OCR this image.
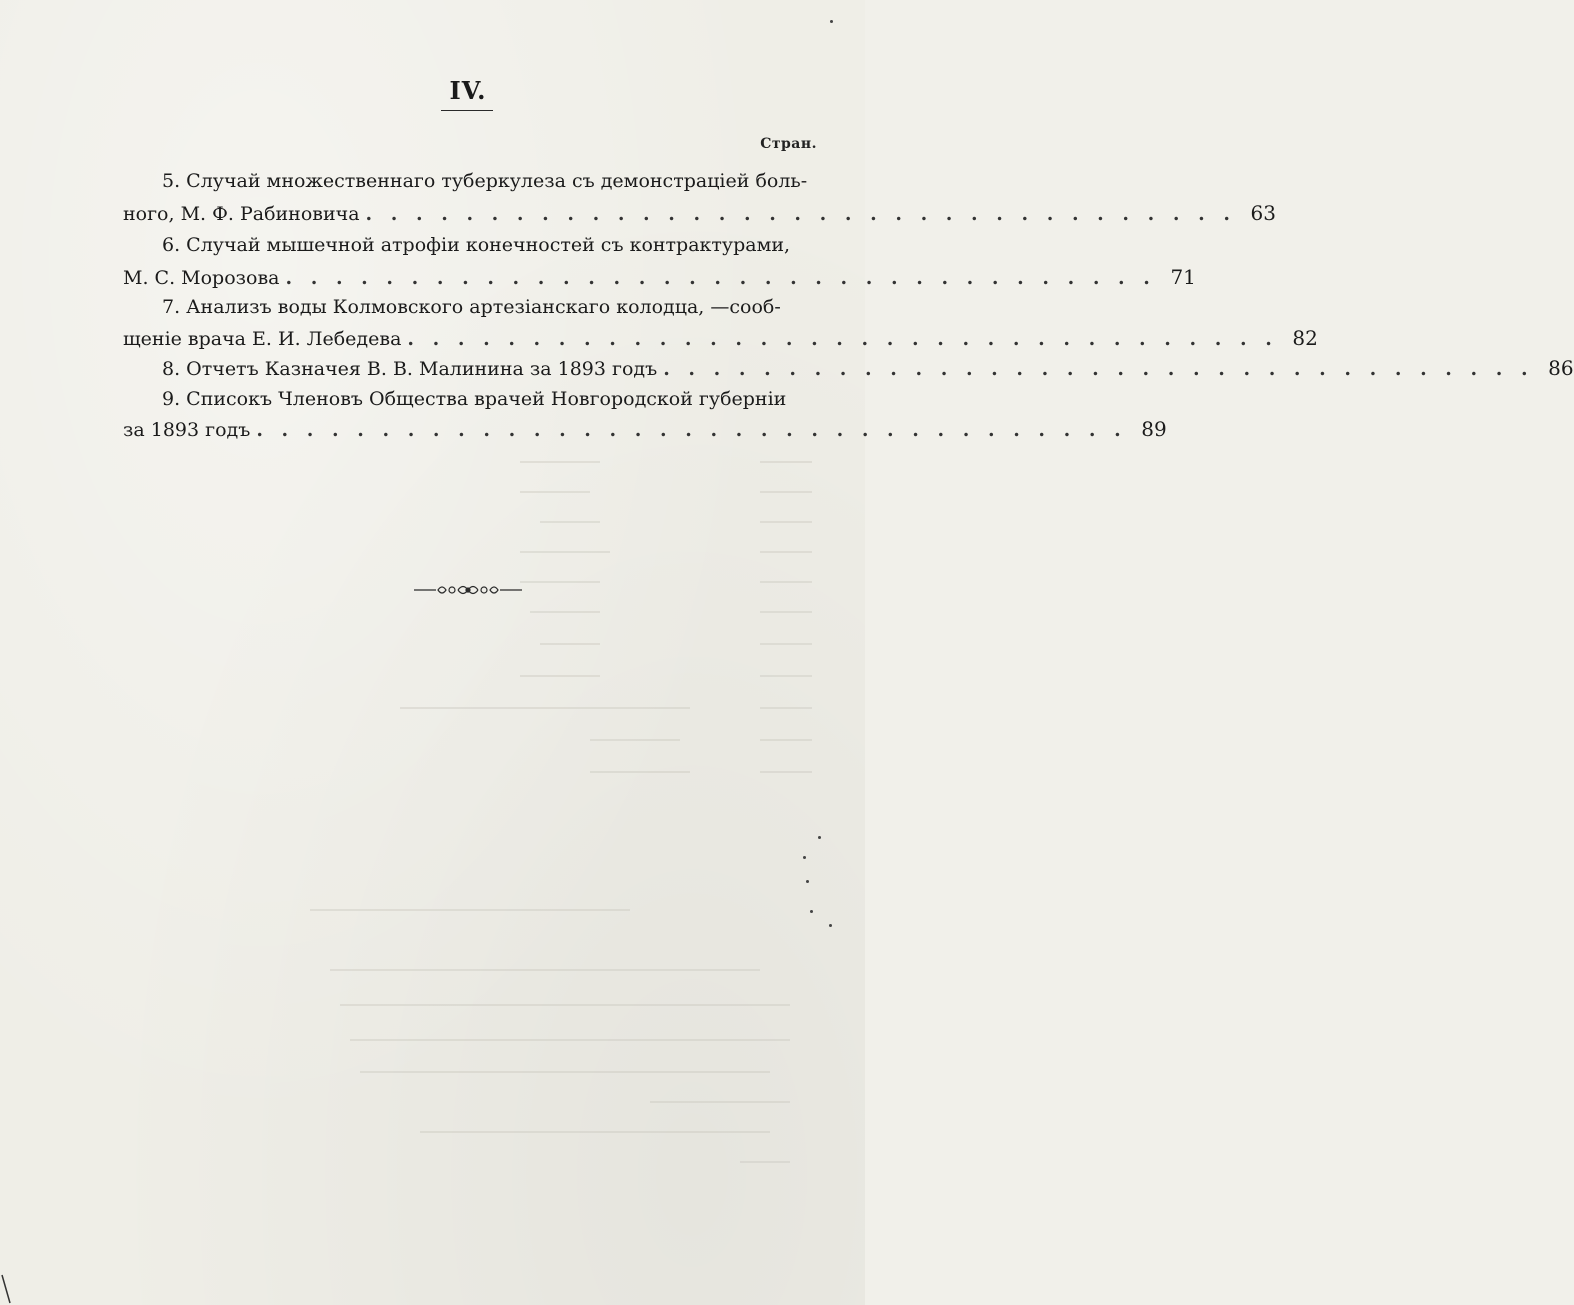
IV.
Стран.
5. Случай множественнаго туберкулеза съ демонстраціей боль-
ного, М. Ф. Рабиновича . . . . . . . . . . . . . . . . . . . . . . . . . . . . . . . . . . . 63
6. Случай мышечной атрофіи конечностей съ контрактурами,
М. С. Морозова . . . . . . . . . . . . . . . . . . . . . . . . . . . . . . . . . . . 71
7. Анализъ воды Колмовского артезіанскаго колодца, —сооб-
щеніе врача Е. И. Лебедева . . . . . . . . . . . . . . . . . . . . . . . . . . . . . . . . . . . 82
8. Отчетъ Казначея В. В. Малинина за 1893 годъ . . . . . . . . . . . . . . . . . . . . . . . . . . . . . . . . . . . 86
9. Списокъ Членовъ Общества врачей Новгородской губерніи
за 1893 годъ . . . . . . . . . . . . . . . . . . . . . . . . . . . . . . . . . . . 89
